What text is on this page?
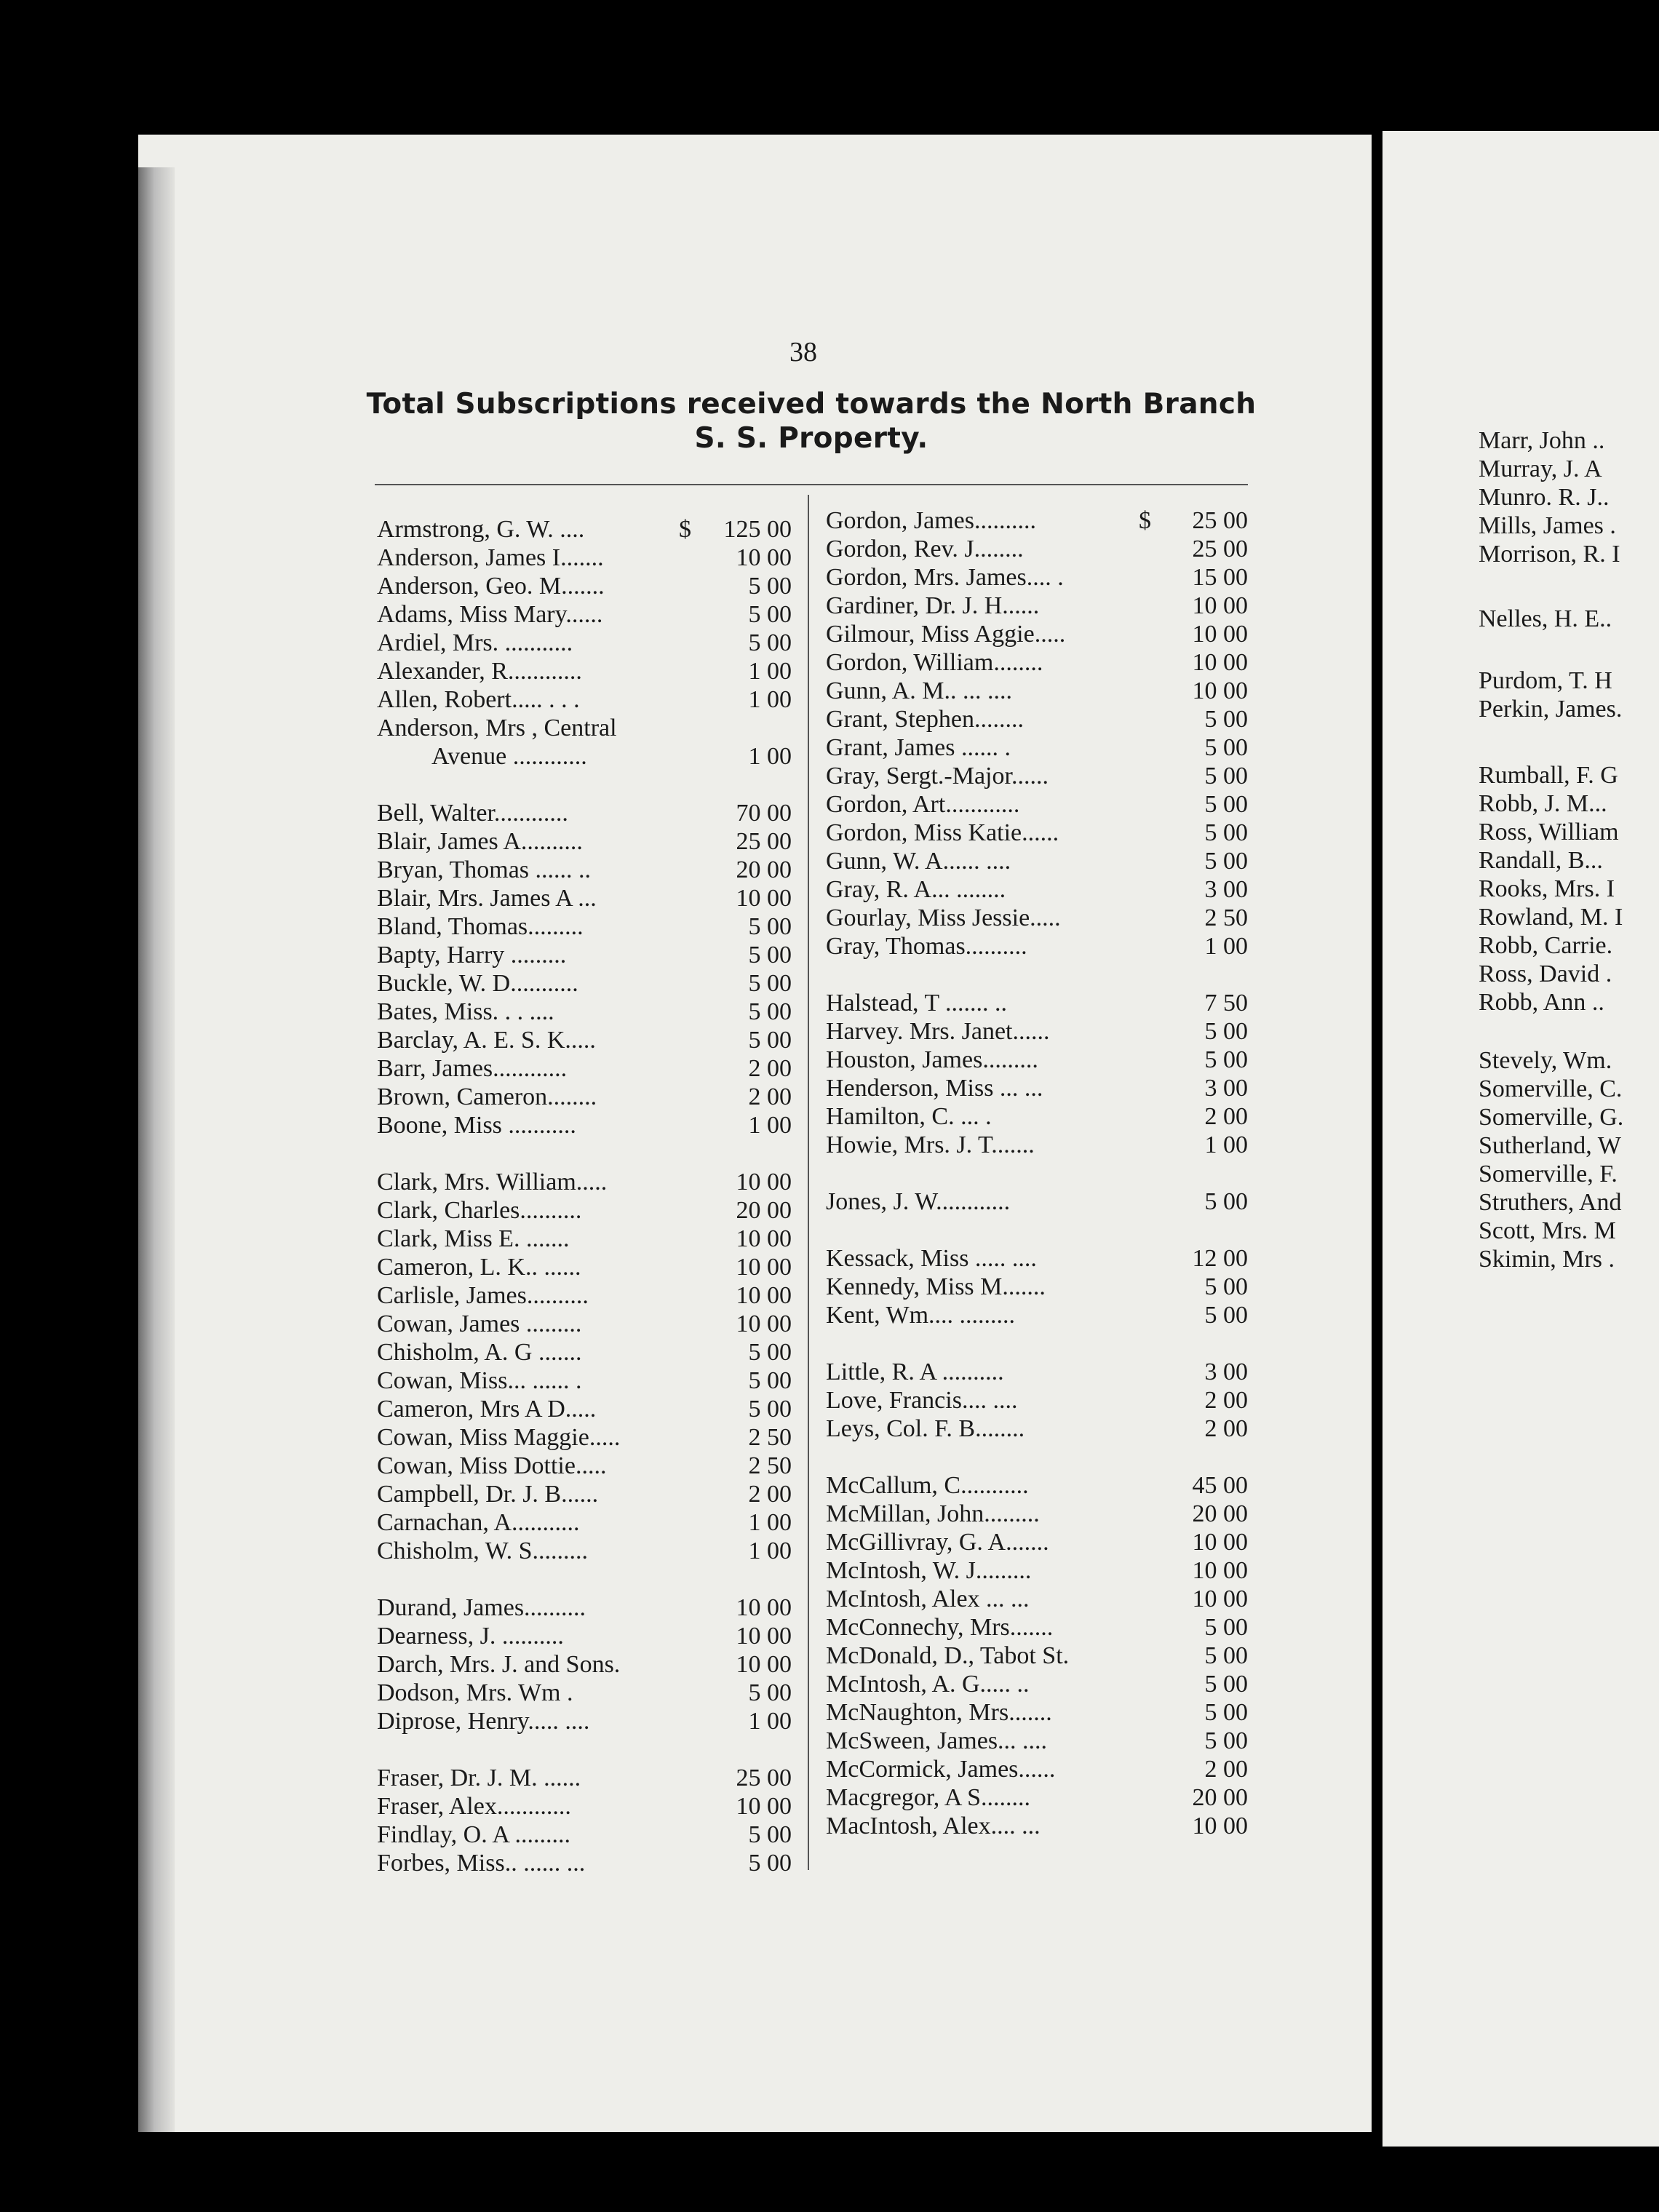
38
Total Subscriptions received towards the North Branch
S. S. Property.
Armstrong, G. W. ....	$	125 00
Anderson, James I.......	10 00
Anderson, Geo. M.......	5 00
Adams, Miss Mary......	5 00
Ardiel, Mrs. ...........	5 00
Alexander, R............	1 00
Allen, Robert..... . . .	1 00
Anderson, Mrs , Central
Avenue ............	1 00
Bell, Walter............	70 00
Blair, James A..........	25 00
Bryan, Thomas ...... ..	20 00
Blair, Mrs. James A ...	10 00
Bland, Thomas.........	5 00
Bapty, Harry .........	5 00
Buckle, W. D...........	5 00
Bates, Miss. . . ....	5 00
Barclay, A. E. S. K.....	5 00
Barr, James............	2 00
Brown, Cameron........	2 00
Boone, Miss ...........	1 00
Clark, Mrs. William.....	10 00
Clark, Charles..........	20 00
Clark, Miss E. .......	10 00
Cameron, L. K.. ......	10 00
Carlisle, James..........	10 00
Cowan, James .........	10 00
Chisholm, A. G .......	5 00
Cowan, Miss... ...... .	5 00
Cameron, Mrs A D.....	5 00
Cowan, Miss Maggie.....	2 50
Cowan, Miss Dottie.....	2 50
Campbell, Dr. J. B......	2 00
Carnachan, A...........	1 00
Chisholm, W. S.........	1 00
Durand, James..........	10 00
Dearness, J. ..........	10 00
Darch, Mrs. J. and Sons.	10 00
Dodson, Mrs. Wm .	5 00
Diprose, Henry..... ....	1 00
Fraser, Dr. J. M. ......	25 00
Fraser, Alex............	10 00
Findlay, O. A .........	5 00
Forbes, Miss.. ...... ...	5 00
Gordon, James..........	$	25 00
Gordon, Rev. J........	25 00
Gordon, Mrs. James.... .	15 00
Gardiner, Dr. J. H......	10 00
Gilmour, Miss Aggie.....	10 00
Gordon, William........	10 00
Gunn, A. M.. ... ....	10 00
Grant, Stephen........	5 00
Grant, James ...... .	5 00
Gray, Sergt.-Major......	5 00
Gordon, Art............	5 00
Gordon, Miss Katie......	5 00
Gunn, W. A...... ....	5 00
Gray, R. A... ........	3 00
Gourlay, Miss Jessie.....	2 50
Gray, Thomas..........	1 00
Halstead, T ....... ..	7 50
Harvey. Mrs. Janet......	5 00
Houston, James.........	5 00
Henderson, Miss ... ...	3 00
Hamilton, C. ... .	2 00
Howie, Mrs. J. T.......	1 00
Jones, J. W............	5 00
Kessack, Miss ..... ....	12 00
Kennedy, Miss M.......	5 00
Kent, Wm.... .........	5 00
Little, R. A ..........	3 00
Love, Francis.... ....	2 00
Leys, Col. F. B........	2 00
McCallum, C...........	45 00
McMillan, John.........	20 00
McGillivray, G. A.......	10 00
McIntosh, W. J.........	10 00
McIntosh, Alex ... ...	10 00
McConnechy, Mrs.......	5 00
McDonald, D., Tabot St.	5 00
McIntosh, A. G..... ..	5 00
McNaughton, Mrs.......	5 00
McSween, James... ....	5 00
McCormick, James......	2 00
Macgregor, A S........	20 00
MacIntosh, Alex.... ...	10 00
Marr, John ..
Murray, J. A
Munro. R. J..
Mills, James .
Morrison, R. I
Nelles, H. E..
Purdom, T. H
Perkin, James.
Rumball, F. G
Robb, J. M...
Ross, William
Randall, B...
Rooks, Mrs. I
Rowland, M. I
Robb, Carrie.
Ross, David .
Robb, Ann ..
Stevely, Wm.
Somerville, C.
Somerville, G.
Sutherland, W
Somerville, F.
Struthers, And
Scott, Mrs. M
Skimin, Mrs .
